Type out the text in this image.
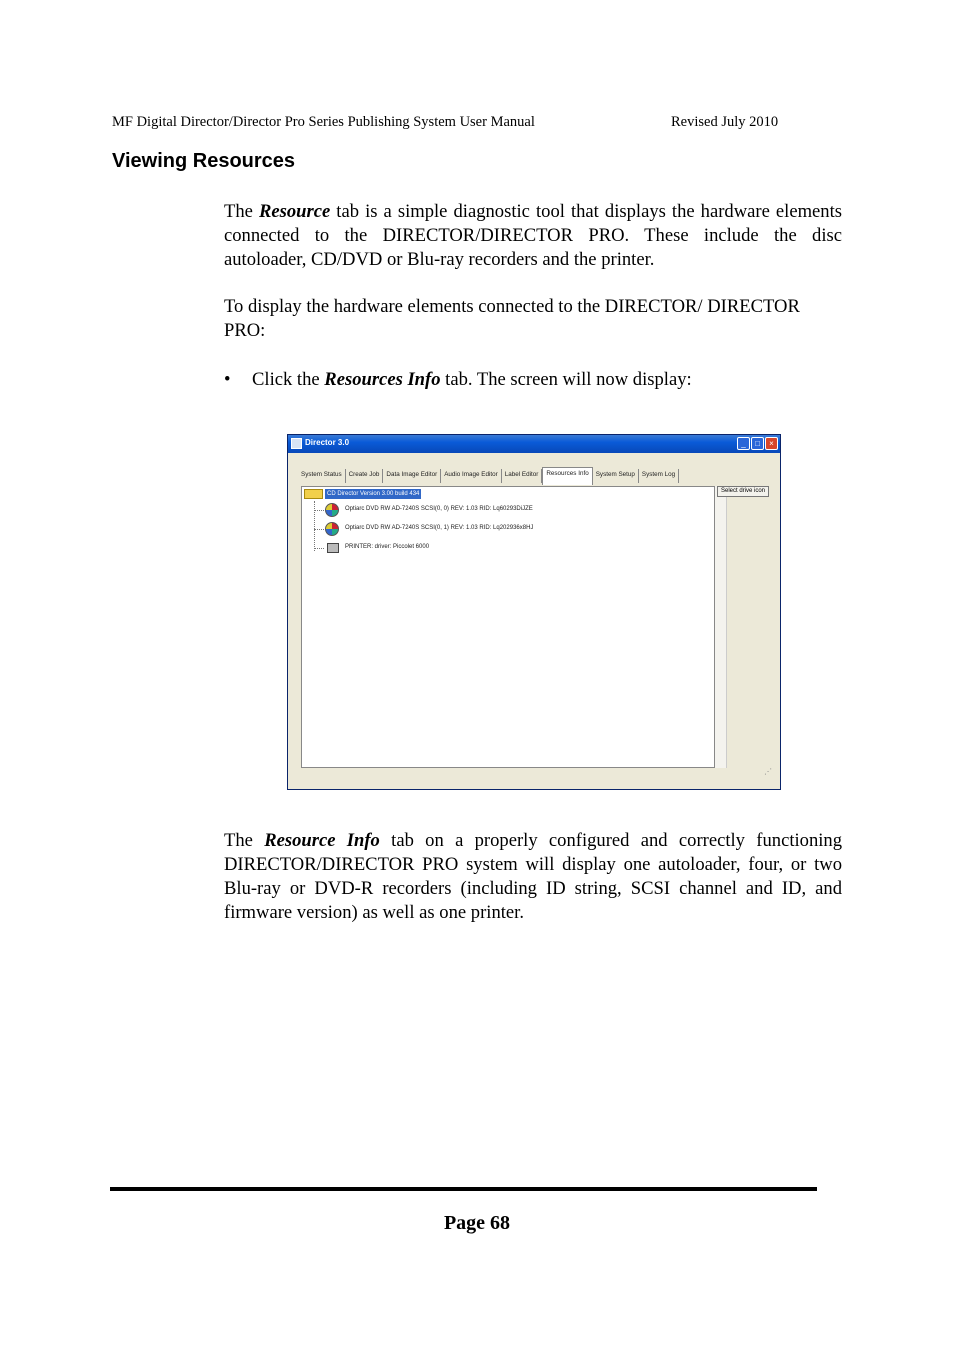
MF Digital Director/Director Pro Series Publishing System User Manual	Revised July 2010
Viewing Resources

The Resource tab is a simple diagnostic tool that displays the hardware elements connected to the DIRECTOR/DIRECTOR PRO. These include the disc autoloader, CD/DVD or Blu-ray recorders and the printer.

To display the hardware elements connected to the DIRECTOR/ DIRECTOR PRO:

• Click the Resources Info tab. The screen will now display:
Director 3.0	_	□	×
System Status	Create Job	Data Image Editor	Audio Image Editor	Label Editor	Resources Info	System Setup	System Log
CD Director Version 3.00 build 434
Optiarc DVD RW AD-7240S SCSI(0, 0) REV: 1.03 RID: Lq60293DiJZE
Optiarc DVD RW AD-7240S SCSI(0, 1) REV: 1.03 RID: Lq202936x8HJ
PRINTER: driver: Piccolet 6000
Select drive icon
⋰

The Resource Info tab on a properly configured and correctly functioning DIRECTOR/DIRECTOR PRO system will display one autoloader, four, or two Blu-ray or DVD-R recorders (including ID string, SCSI channel and ID, and firmware version) as well as one printer.

Page 68
